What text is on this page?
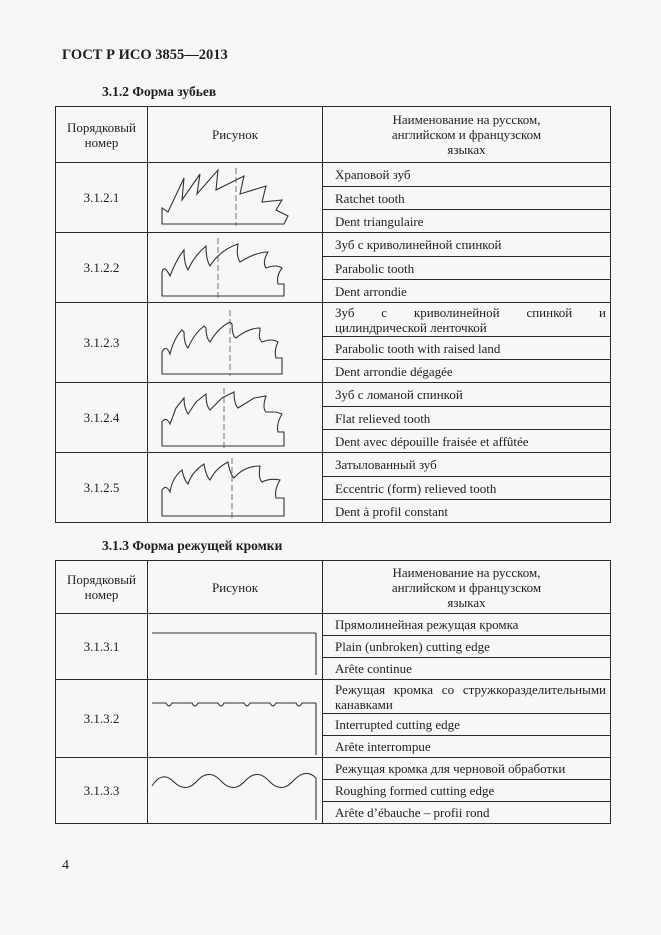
ГОСТ Р ИСО 3855—2013
3.1.2 Форма зубьев
Порядковый номер	Рисунок	Наименование на русском, английском и французском языках

3.1.2.1		Храповой зуб
		Ratchet tooth
		Dent triangulaire
3.1.2.2		Зуб с криволинейной спинкой
		Parabolic tooth
		Dent arrondie
3.1.2.3		Зуб с криволинейной спинкой и цилиндрической ленточкой
		Parabolic tooth with raised land
		Dent arrondie dégagée
3.1.2.4		Зуб с ломаной спинкой
		Flat relieved tooth
		Dent avec dépouille fraisée et affûtée
3.1.2.5		Затылованный зуб
		Eccentric (form) relieved tooth
		Dent à profil constant
3.1.3 Форма режущей кромки
Порядковый номер	Рисунок	Наименование на русском, английском и французском языках

3.1.3.1		Прямолинейная режущая кромка
		Plain (unbroken) cutting edge
		Arête continue
3.1.3.2		Режущая кромка со стружкоразделительными канавками
		Interrupted cutting edge
		Arête interrompue
3.1.3.3		Режущая кромка для черновой обработки
		Roughing formed cutting edge
		Arête d’ébauche – profii rond
4
